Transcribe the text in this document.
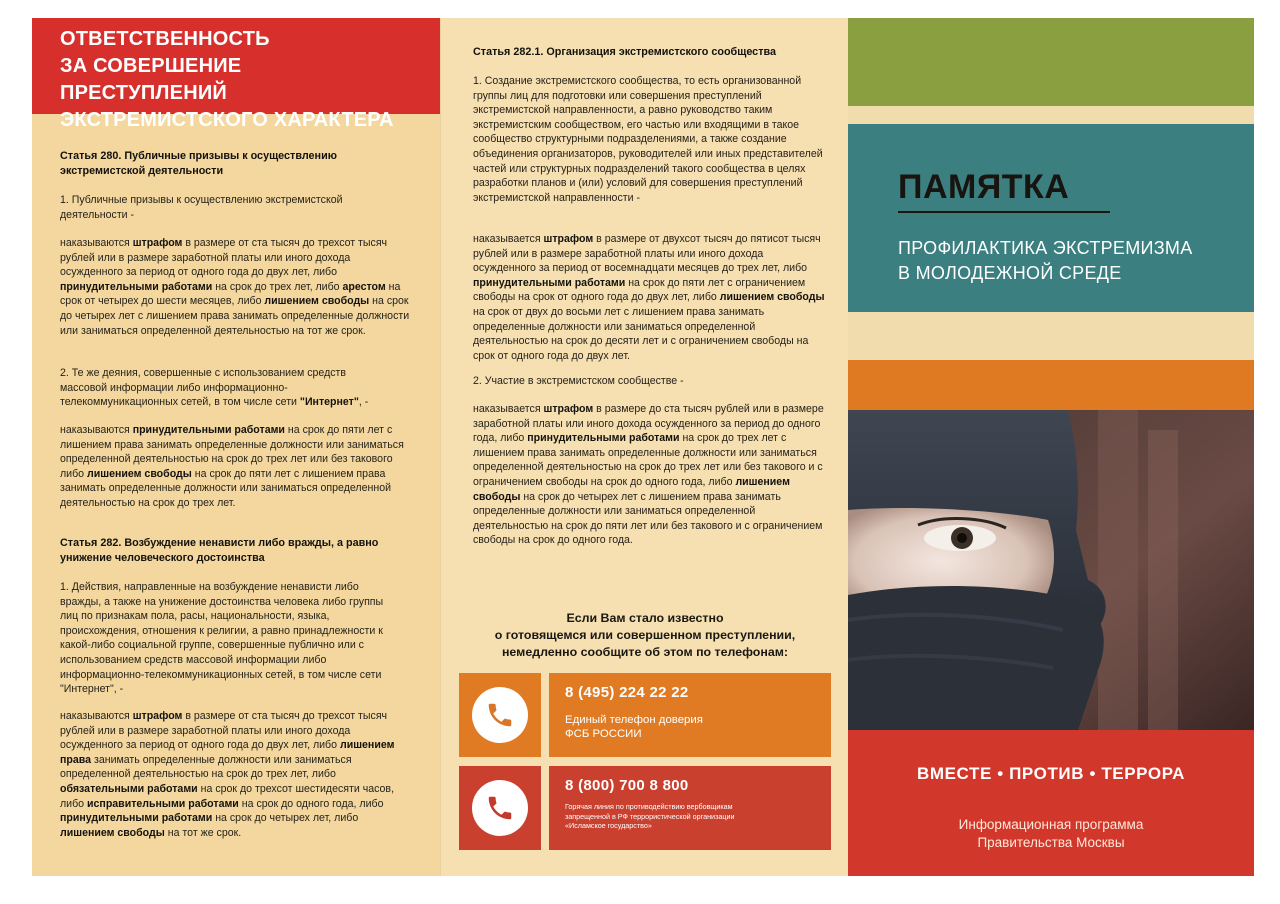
ОТВЕТСТВЕННОСТЬ
ЗА СОВЕРШЕНИЕ ПРЕСТУПЛЕНИЙ
ЭКСТРЕМИСТСКОГО ХАРАКТЕРА
Статья 280. Публичные призывы к осуществлению экстремистской деятельности
1. Публичные призывы к осуществлению экстремистской деятельности -
наказываются штрафом в размере от ста тысяч до трехсот тысяч рублей или в размере заработной платы или иного дохода осужденного за период от одного года до двух лет, либо принудительными работами на срок до трех лет, либо арестом на срок от четырех до шести месяцев, либо лишением свободы на срок до четырех лет с лишением права занимать определенные должности или заниматься определенной деятельностью на тот же срок.
2. Те же деяния, совершенные с использованием средств массовой информации либо информационно-телекоммуникационных сетей, в том числе сети "Интернет", -
наказываются принудительными работами на срок до пяти лет с лишением права занимать определенные должности или заниматься определенной деятельностью на срок до трех лет или без такового либо лишением свободы на срок до пяти лет с лишением права занимать определенные должности или заниматься определенной деятельностью на срок до трех лет.
Статья 282. Возбуждение ненависти либо вражды, а равно унижение человеческого достоинства
1. Действия, направленные на возбуждение ненависти либо вражды, а также на унижение достоинства человека либо группы лиц по признакам пола, расы, национальности, языка, происхождения, отношения к религии, а равно принадлежности к какой-либо социальной группе, совершенные публично или с использованием средств массовой информации либо информационно-телекоммуникационных сетей, в том числе сети "Интернет", -
наказываются штрафом в размере от ста тысяч до трехсот тысяч рублей или в размере заработной платы или иного дохода осужденного за период от одного года до двух лет, либо лишением права занимать определенные должности или заниматься определенной деятельностью на срок до трех лет, либо обязательными работами на срок до трехсот шестидесяти часов, либо исправительными работами на срок до одного года, либо принудительными работами на срок до четырех лет, либо лишением свободы на тот же срок.
Статья 282.1. Организация экстремистского сообщества
1. Создание экстремистского сообщества, то есть организованной группы лиц для подготовки или совершения преступлений экстремистской направленности, а равно руководство таким экстремистским сообществом, его частью или входящими в такое сообщество структурными подразделениями, а также создание объединения организаторов, руководителей или иных представителей частей или структурных подразделений такого сообщества в целях разработки планов и (или) условий для совершения преступлений экстремистской направленности -
наказывается штрафом в размере от двухсот тысяч до пятисот тысяч рублей или в размере заработной платы или иного дохода осужденного за период от восемнадцати месяцев до трех лет, либо принудительными работами на срок до пяти лет с ограничением свободы на срок от одного года до двух лет, либо лишением свободы на срок от двух до восьми лет с лишением права занимать определенные должности или заниматься определенной деятельностью на срок до десяти лет и с ограничением свободы на срок от одного года до двух лет.
2. Участие в экстремистском сообществе -
наказывается штрафом в размере до ста тысяч рублей или в размере заработной платы или иного дохода осужденного за период до одного года, либо принудительными работами на срок до трех лет с лишением права занимать определенные должности или заниматься определенной деятельностью на срок до трех лет или без такового и с ограничением свободы на срок до одного года, либо лишением свободы на срок до четырех лет с лишением права занимать определенные должности или заниматься определенной деятельностью на срок до пяти лет или без такового и с ограничением свободы на срок до одного года.
Если Вам стало известно
о готовящемся или совершенном преступлении,
немедленно сообщите об этом по телефонам:
8 (495) 224 22 22
Единый телефон доверия
ФСБ РОССИИ
8 (800) 700 8 800
Горячая линия по противодействию вербовщикам
запрещенной в РФ террористической организации
«Исламское государство»
ПАМЯТКА
ПРОФИЛАКТИКА ЭКСТРЕМИЗМА
В МОЛОДЕЖНОЙ СРЕДЕ
ВМЕСТЕ • ПРОТИВ • ТЕРРОРА
Информационная программа
Правительства Москвы
